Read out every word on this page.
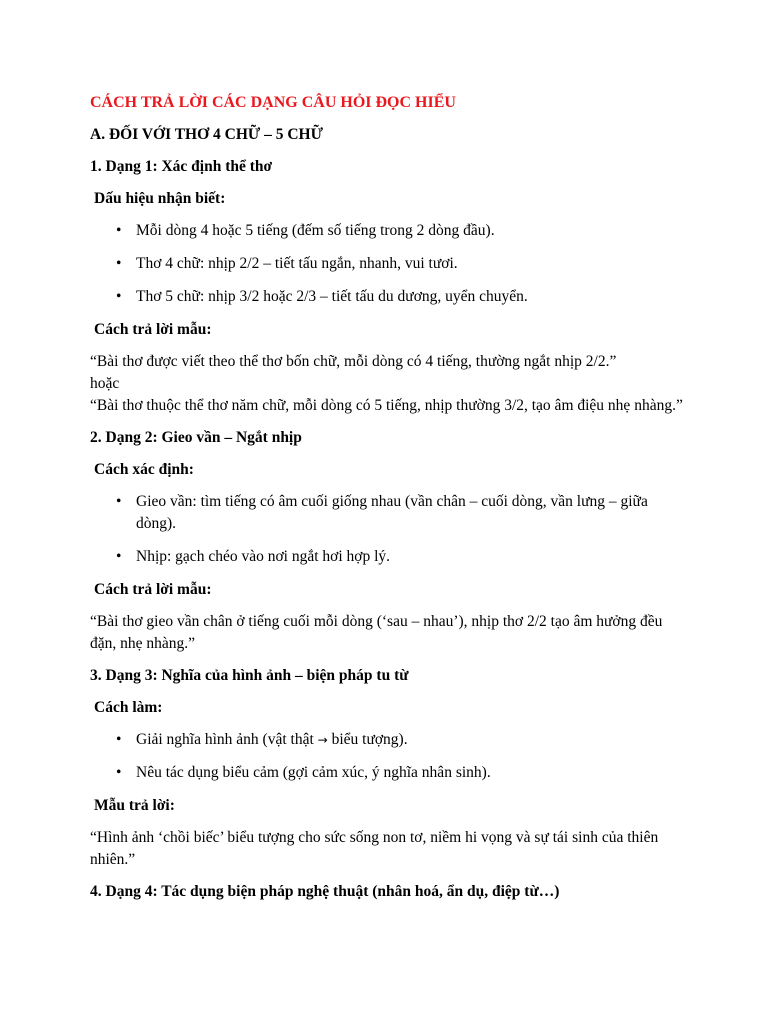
CÁCH TRẢ LỜI CÁC DẠNG CÂU HỎI ĐỌC HIỂU
A. ĐỐI VỚI THƠ 4 CHỮ – 5 CHỮ
1. Dạng 1: Xác định thể thơ
Dấu hiệu nhận biết:
• Mỗi dòng 4 hoặc 5 tiếng (đếm số tiếng trong 2 dòng đầu).
• Thơ 4 chữ: nhịp 2/2 – tiết tấu ngắn, nhanh, vui tươi.
• Thơ 5 chữ: nhịp 3/2 hoặc 2/3 – tiết tấu du dương, uyển chuyển.
Cách trả lời mẫu:
“Bài thơ được viết theo thể thơ bốn chữ, mỗi dòng có 4 tiếng, thường ngắt nhịp 2/2.”
hoặc
“Bài thơ thuộc thể thơ năm chữ, mỗi dòng có 5 tiếng, nhịp thường 3/2, tạo âm điệu nhẹ nhàng.”
2. Dạng 2: Gieo vần – Ngắt nhịp
Cách xác định:
• Gieo vần: tìm tiếng có âm cuối giống nhau (vần chân – cuối dòng, vần lưng – giữa dòng).
• Nhịp: gạch chéo vào nơi ngắt hơi hợp lý.
Cách trả lời mẫu:
“Bài thơ gieo vần chân ở tiếng cuối mỗi dòng (‘sau – nhau’), nhịp thơ 2/2 tạo âm hưởng đều đặn, nhẹ nhàng.”
3. Dạng 3: Nghĩa của hình ảnh – biện pháp tu từ
Cách làm:
• Giải nghĩa hình ảnh (vật thật → biểu tượng).
• Nêu tác dụng biểu cảm (gợi cảm xúc, ý nghĩa nhân sinh).
Mẫu trả lời:
“Hình ảnh ‘chồi biếc’ biểu tượng cho sức sống non tơ, niềm hi vọng và sự tái sinh của thiên nhiên.”
4. Dạng 4: Tác dụng biện pháp nghệ thuật (nhân hoá, ẩn dụ, điệp từ…)
